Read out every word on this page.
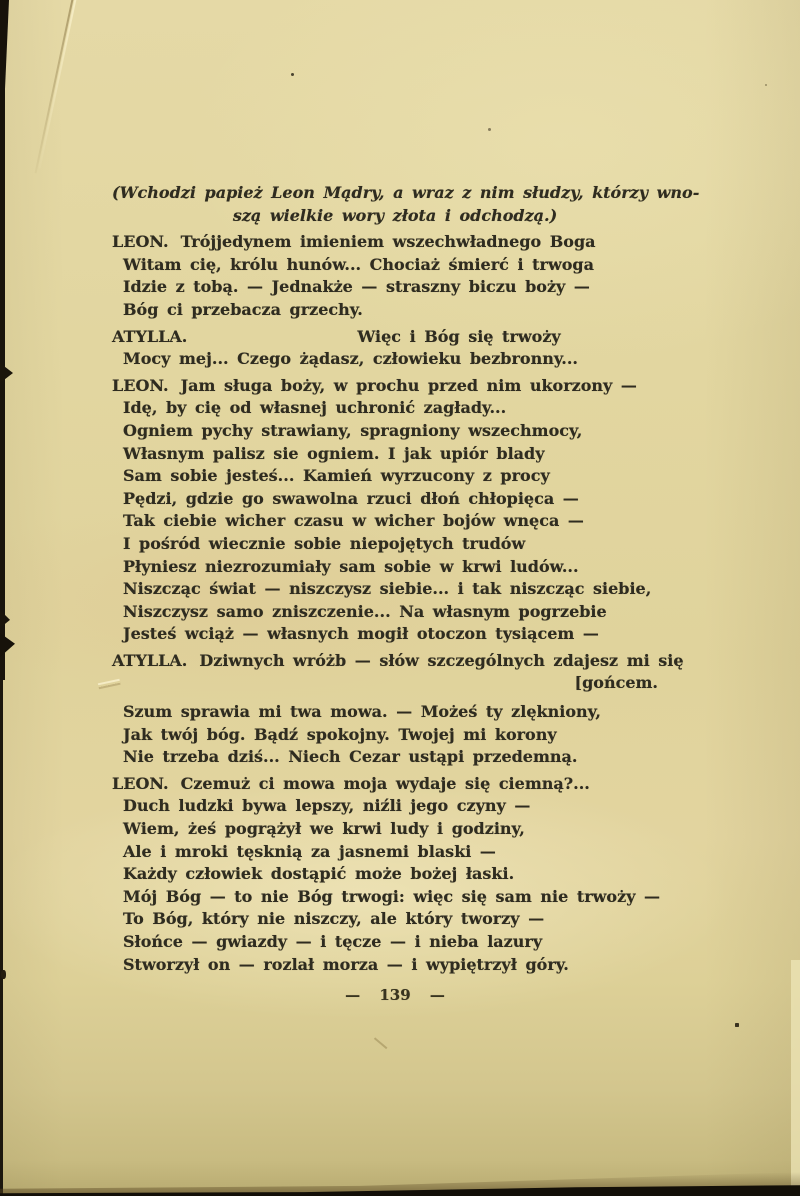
(Wchodzi papież Leon Mądry, a wraz z nim słudzy, którzy wno-
szą wielkie wory złota i odchodzą.)
LEON. Trójjedynem imieniem wszechwładnego Boga
Witam cię, królu hunów... Chociaż śmierć i trwoga
Idzie z tobą. — Jednakże — straszny biczu boży —
Bóg ci przebacza grzechy.
ATYLLA.	Więc i Bóg się trwoży
Mocy mej... Czego żądasz, człowieku bezbronny...
LEON. Jam sługa boży, w prochu przed nim ukorzony —
Idę, by cię od własnej uchronić zagłady...
Ogniem pychy strawiany, spragniony wszechmocy,
Własnym palisz sie ogniem. I jak upiór blady
Sam sobie jesteś... Kamień wyrzucony z procy
Pędzi, gdzie go swawolna rzuci dłoń chłopięca —
Tak ciebie wicher czasu w wicher bojów wnęca —
I pośród wiecznie sobie niepojętych trudów
Płyniesz niezrozumiały sam sobie w krwi ludów...
Niszcząc świat — niszczysz siebie... i tak niszcząc siebie,
Niszczysz samo zniszczenie... Na własnym pogrzebie
Jesteś wciąż — własnych mogił otoczon tysiącem —
ATYLLA. Dziwnych wróżb — słów szczególnych zdajesz mi się
[gońcem.
Szum sprawia mi twa mowa. — Możeś ty zlękniony,
Jak twój bóg. Bądź spokojny. Twojej mi korony
Nie trzeba dziś... Niech Cezar ustąpi przedemną.
LEON. Czemuż ci mowa moja wydaje się ciemną?...
Duch ludzki bywa lepszy, niźli jego czyny —
Wiem, żeś pogrążył we krwi ludy i godziny,
Ale i mroki tęsknią za jasnemi blaski —
Każdy człowiek dostąpić może bożej łaski.
Mój Bóg — to nie Bóg trwogi: więc się sam nie trwoży —
To Bóg, który nie niszczy, ale który tworzy —
Słońce — gwiazdy — i tęcze — i nieba lazury
Stworzył on — rozlał morza — i wypiętrzył góry.
— 139 —
